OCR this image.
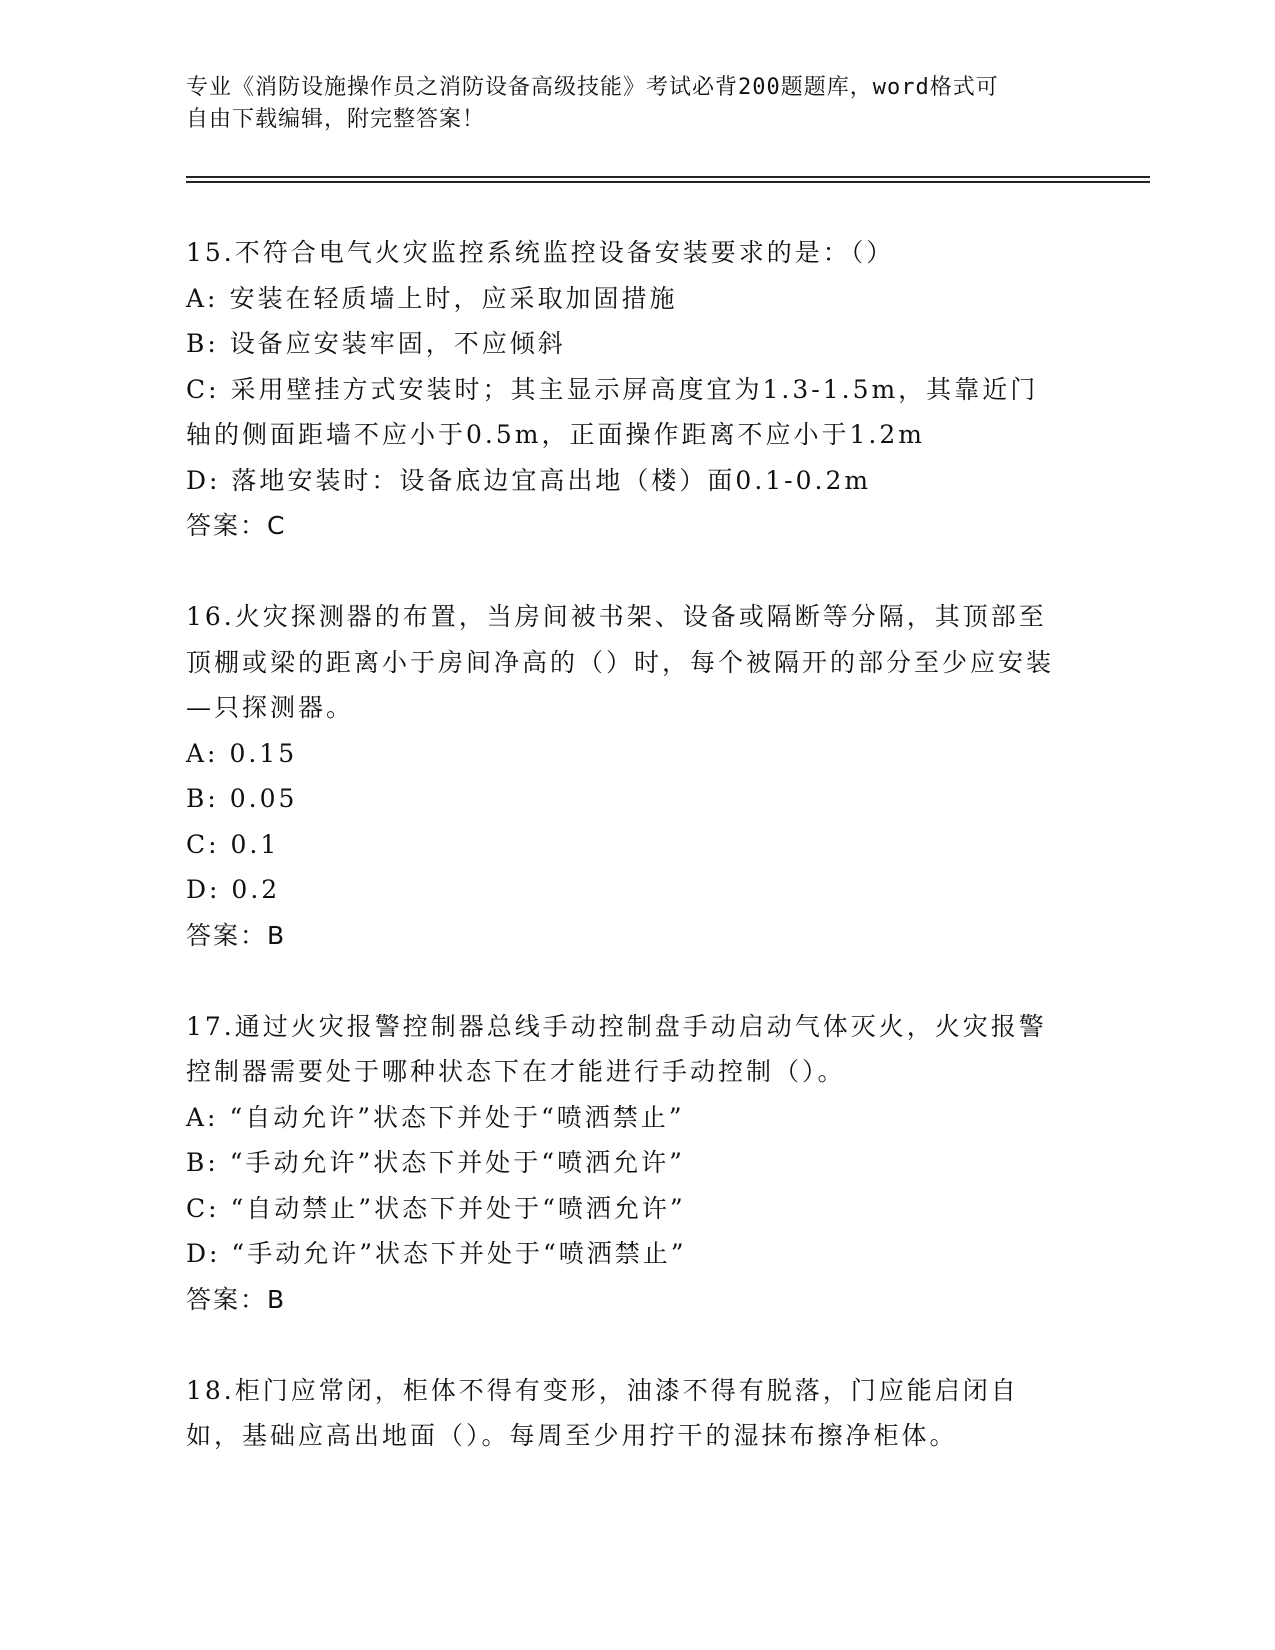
专业《消防设施操作员之消防设备高级技能》考试必背200题题库，word格式可
自由下载编辑，附完整答案！
15.不符合电气火灾监控系统监控设备安装要求的是：（）
A: 安装在轻质墙上时，应采取加固措施
B: 设备应安装牢固，不应倾斜
C: 采用壁挂方式安装时；其主显示屏高度宜为1.3-1.5m，其靠近门轴的侧面距墙不应小于0.5m，正面操作距离不应小于1.2m
D: 落地安装时：设备底边宜高出地（楼）面0.1-0.2m
答案：C
16.火灾探测器的布置，当房间被书架、设备或隔断等分隔，其顶部至顶棚或梁的距离小于房间净高的（）时，每个被隔开的部分至少应安装—只探测器。
A: 0.15
B: 0.05
C: 0.1
D: 0.2
答案：B
17.通过火灾报警控制器总线手动控制盘手动启动气体灭火，火灾报警控制器需要处于哪种状态下在才能进行手动控制（）。
A: “自动允许”状态下并处于“喷洒禁止”
B: “手动允许”状态下并处于“喷洒允许”
C: “自动禁止”状态下并处于“喷洒允许”
D: “手动允许”状态下并处于“喷洒禁止”
答案：B
18.柜门应常闭，柜体不得有变形，油漆不得有脱落，门应能启闭自如，基础应高出地面（）。每周至少用拧干的湿抹布擦净柜体。
